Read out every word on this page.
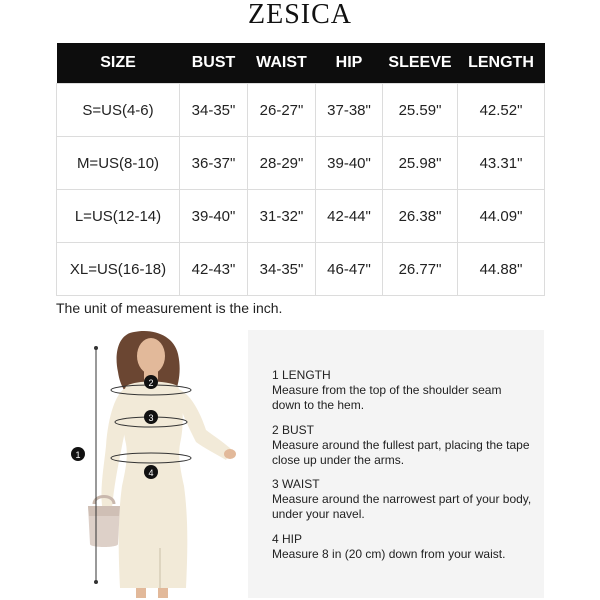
ZESICA
SIZE	BUST	WAIST	HIP	SLEEVE	LENGTH
S=US(4-6)	34-35"	26-27"	37-38"	25.59"	42.52"
M=US(8-10)	36-37"	28-29"	39-40"	25.98"	43.31"
L=US(12-14)	39-40"	31-32"	42-44"	26.38"	44.09"
XL=US(16-18)	42-43"	34-35"	46-47"	26.77"	44.88"
The unit of measurement is the inch.
1
2
3
4
1 LENGTH
Measure from the top of the shoulder seam down to the hem.
2 BUST
Measure around the fullest part, placing the tape close up under the arms.
3 WAIST
Measure around the narrowest part of your body, under your navel.
4 HIP
Measure 8 in (20 cm) down from your waist.
